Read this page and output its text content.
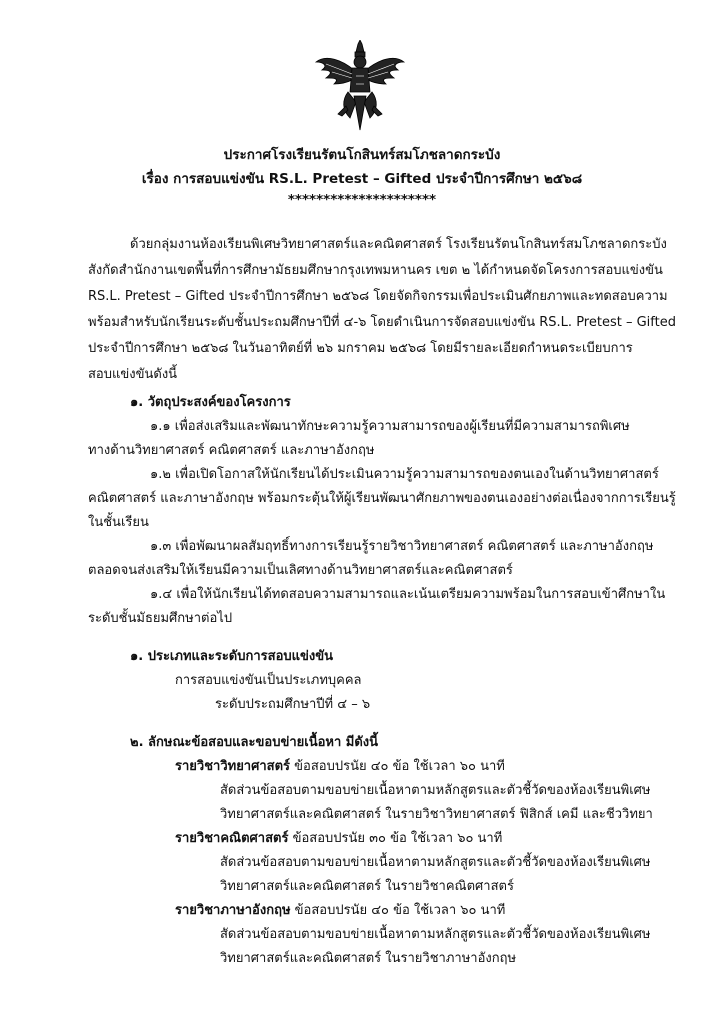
ประกาศโรงเรียนรัตนโกสินทร์สมโภชลาดกระบัง
เรื่อง การสอบแข่งขัน RS.L. Pretest – Gifted ประจำปีการศึกษา ๒๕๖๘
*********************
ด้วยกลุ่มงานห้องเรียนพิเศษวิทยาศาสตร์และคณิตศาสตร์ โรงเรียนรัตนโกสินทร์สมโภชลาดกระบัง
สังกัดสำนักงานเขตพื้นที่การศึกษามัธยมศึกษากรุงเทพมหานคร เขต ๒ ได้กำหนดจัดโครงการสอบแข่งขัน
RS.L. Pretest – Gifted ประจำปีการศึกษา ๒๕๖๘ โดยจัดกิจกรรมเพื่อประเมินศักยภาพและทดสอบความ
พร้อมสำหรับนักเรียนระดับชั้นประถมศึกษาปีที่ ๔-๖ โดยดำเนินการจัดสอบแข่งขัน RS.L. Pretest – Gifted
ประจำปีการศึกษา ๒๕๖๘ ในวันอาทิตย์ที่ ๒๖ มกราคม ๒๕๖๘ โดยมีรายละเอียดกำหนดระเบียบการ
สอบแข่งขันดังนี้
๑. วัตถุประสงค์ของโครงการ
๑.๑ เพื่อส่งเสริมและพัฒนาทักษะความรู้ความสามารถของผู้เรียนที่มีความสามารถพิเศษ
ทางด้านวิทยาศาสตร์ คณิตศาสตร์ และภาษาอังกฤษ
๑.๒ เพื่อเปิดโอกาสให้นักเรียนได้ประเมินความรู้ความสามารถของตนเองในด้านวิทยาศาสตร์
คณิตศาสตร์ และภาษาอังกฤษ พร้อมกระตุ้นให้ผู้เรียนพัฒนาศักยภาพของตนเองอย่างต่อเนื่องจากการเรียนรู้
ในชั้นเรียน
๑.๓ เพื่อพัฒนาผลสัมฤทธิ์ทางการเรียนรู้รายวิชาวิทยาศาสตร์ คณิตศาสตร์ และภาษาอังกฤษ
ตลอดจนส่งเสริมให้เรียนมีความเป็นเลิศทางด้านวิทยาศาสตร์และคณิตศาสตร์
๑.๔ เพื่อให้นักเรียนได้ทดสอบความสามารถและเน้นเตรียมความพร้อมในการสอบเข้าศึกษาใน
ระดับชั้นมัธยมศึกษาต่อไป
๑. ประเภทและระดับการสอบแข่งขัน
การสอบแข่งขันเป็นประเภทบุคคล
ระดับประถมศึกษาปีที่ ๔ – ๖
๒. ลักษณะข้อสอบและขอบข่ายเนื้อหา มีดังนี้
รายวิชาวิทยาศาสตร์ ข้อสอบปรนัย ๔๐ ข้อ ใช้เวลา ๖๐ นาที
สัดส่วนข้อสอบตามขอบข่ายเนื้อหาตามหลักสูตรและตัวชี้วัดของห้องเรียนพิเศษ
วิทยาศาสตร์และคณิตศาสตร์ ในรายวิชาวิทยาศาสตร์ ฟิสิกส์ เคมี และชีววิทยา
รายวิชาคณิตศาสตร์ ข้อสอบปรนัย ๓๐ ข้อ ใช้เวลา ๖๐ นาที
สัดส่วนข้อสอบตามขอบข่ายเนื้อหาตามหลักสูตรและตัวชี้วัดของห้องเรียนพิเศษ
วิทยาศาสตร์และคณิตศาสตร์ ในรายวิชาคณิตศาสตร์
รายวิชาภาษาอังกฤษ ข้อสอบปรนัย ๔๐ ข้อ ใช้เวลา ๖๐ นาที
สัดส่วนข้อสอบตามขอบข่ายเนื้อหาตามหลักสูตรและตัวชี้วัดของห้องเรียนพิเศษ
วิทยาศาสตร์และคณิตศาสตร์ ในรายวิชาภาษาอังกฤษ
